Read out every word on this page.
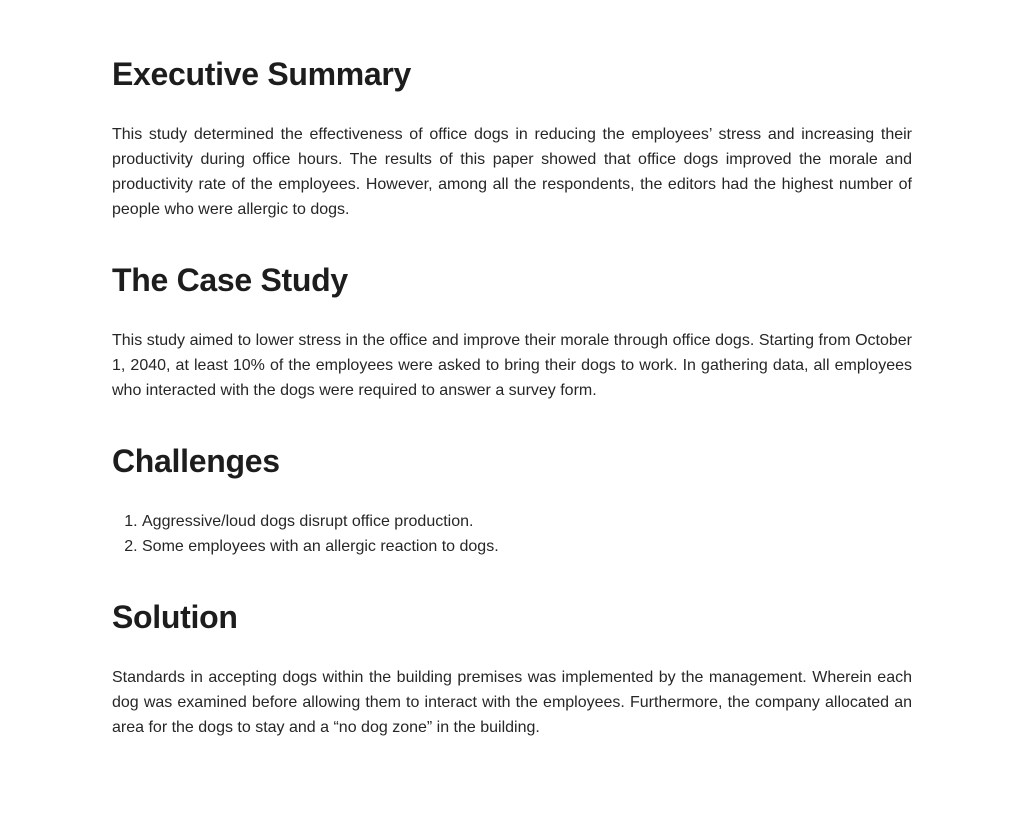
Executive Summary

This study determined the effectiveness of office dogs in reducing the employees’ stress and increasing their productivity during office hours. The results of this paper showed that office dogs improved the morale and productivity rate of the employees. However, among all the respondents, the editors had the highest number of people who were allergic to dogs.

The Case Study

This study aimed to lower stress in the office and improve their morale through office dogs. Starting from October 1, 2040, at least 10% of the employees were asked to bring their dogs to work. In gathering data, all employees who interacted with the dogs were required to answer a survey form.

Challenges
1. Aggressive/loud dogs disrupt office production.
2. Some employees with an allergic reaction to dogs.
Solution

Standards in accepting dogs within the building premises was implemented by the management. Wherein each dog was examined before allowing them to interact with the employees. Furthermore, the company allocated an area for the dogs to stay and a “no dog zone” in the building.
